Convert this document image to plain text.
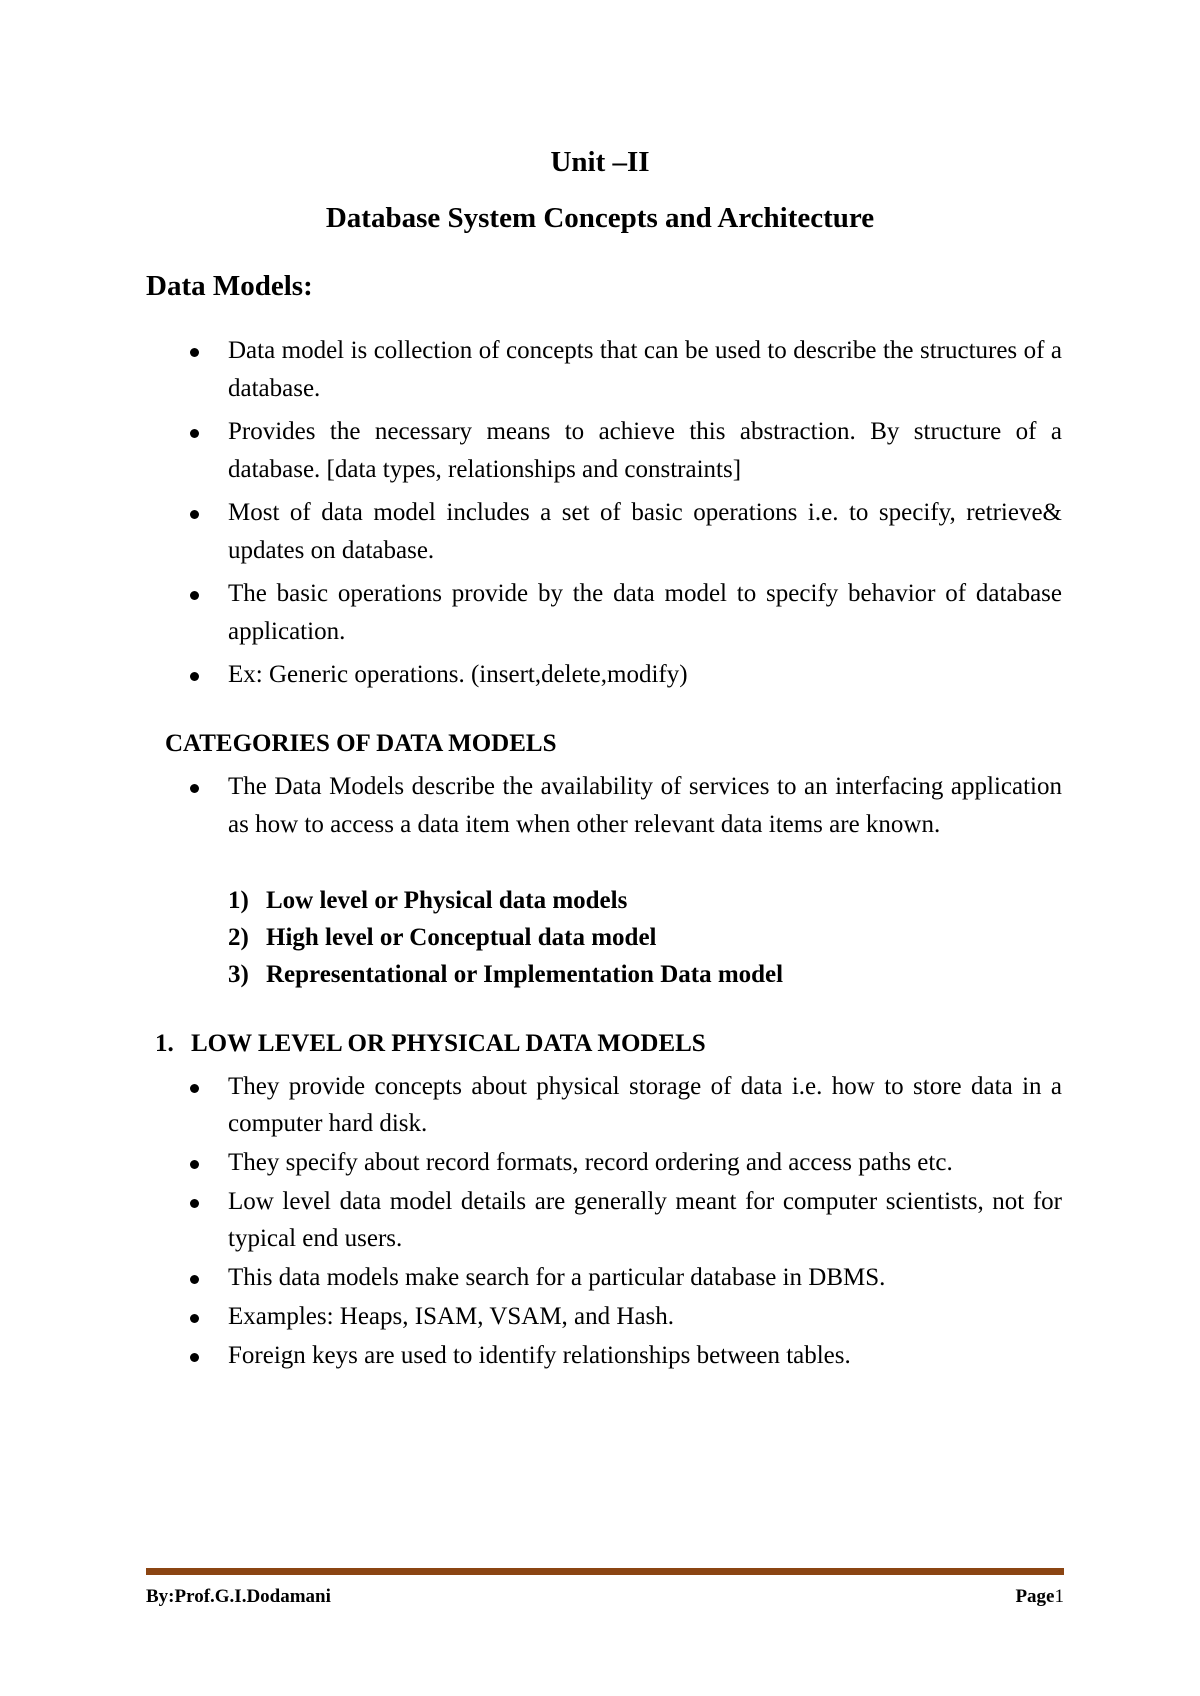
Unit –II
Database System Concepts and Architecture
Data Models:
Data model is collection of concepts that can be used to describe the structures of a database.
Provides the necessary means to achieve this abstraction. By structure of a database. [data types, relationships and constraints]
Most of data model includes a set of basic operations i.e. to specify, retrieve& updates on database.
The basic operations provide by the data model to specify behavior of database application.
Ex: Generic operations. (insert,delete,modify)
CATEGORIES OF DATA MODELS
The Data Models describe the availability of services to an interfacing application as how to access a data item when other relevant data items are known.
1) Low level or Physical data models
2) High level or Conceptual data model
3) Representational or Implementation Data model
1. LOW LEVEL OR PHYSICAL DATA MODELS
They provide concepts about physical storage of data i.e. how to store data in a computer hard disk.
They specify about record formats, record ordering and access paths etc.
Low level data model details are generally meant for computer scientists, not for typical end users.
This data models make search for a particular database in DBMS.
Examples: Heaps, ISAM, VSAM, and Hash.
Foreign keys are used to identify relationships between tables.
By:Prof.G.I.Dodamani	Page1
